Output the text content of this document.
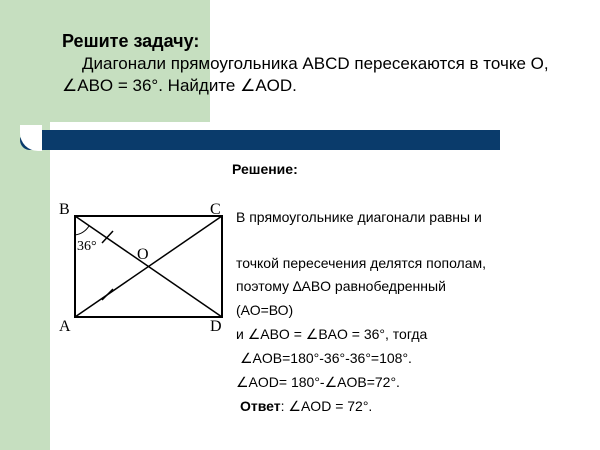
Решите задачу:
Диагонали прямоугольника ABCD пересекаются в точке О, ∠ABO = 36°. Найдите ∠AOD.
Решение:
B	C
A	D
O
36°
В прямоугольнике диагонали равны и
точкой пересечения делятся пополам,
поэтому ∆ABO равнобедренный
(АО=ВО)
и ∠ABO = ∠BAO = 36°, тогда
∠AOB=180°-36°-36°=108°.
∠AOD= 180°-∠AOB=72°.
Ответ: ∠AOD = 72°.
